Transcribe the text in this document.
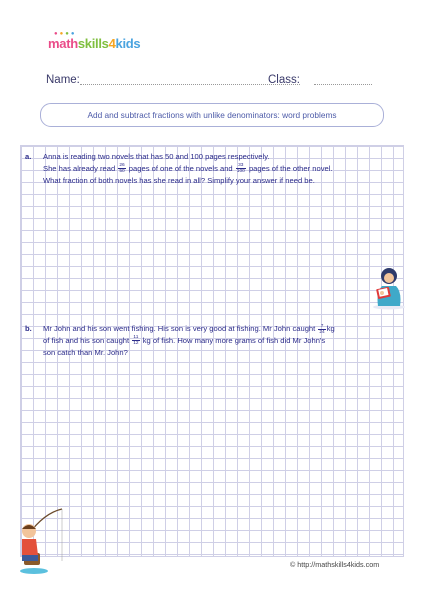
●●●●
mathskills4kids
Name:	Class:
Add and subtract fractions with unlike denominators: word problems
a. Anna is reading two novels that has 50 and 100 pages respectively.
She has already read $\frac{26}{50}$ pages of one of the novels and $\frac{33}{100}$ pages of the other novel.
What fraction of both novels has she read in all? Simplify your answer if need be.
b. Mr John and his son went fishing. His son is very good at fishing. Mr John caught $\frac{7}{24}$ kg
of fish and his son caught $\frac{11}{12}$ kg of fish. How many more grams of fish did Mr John's
son catch than Mr. John?
© http://mathskills4kids.com
